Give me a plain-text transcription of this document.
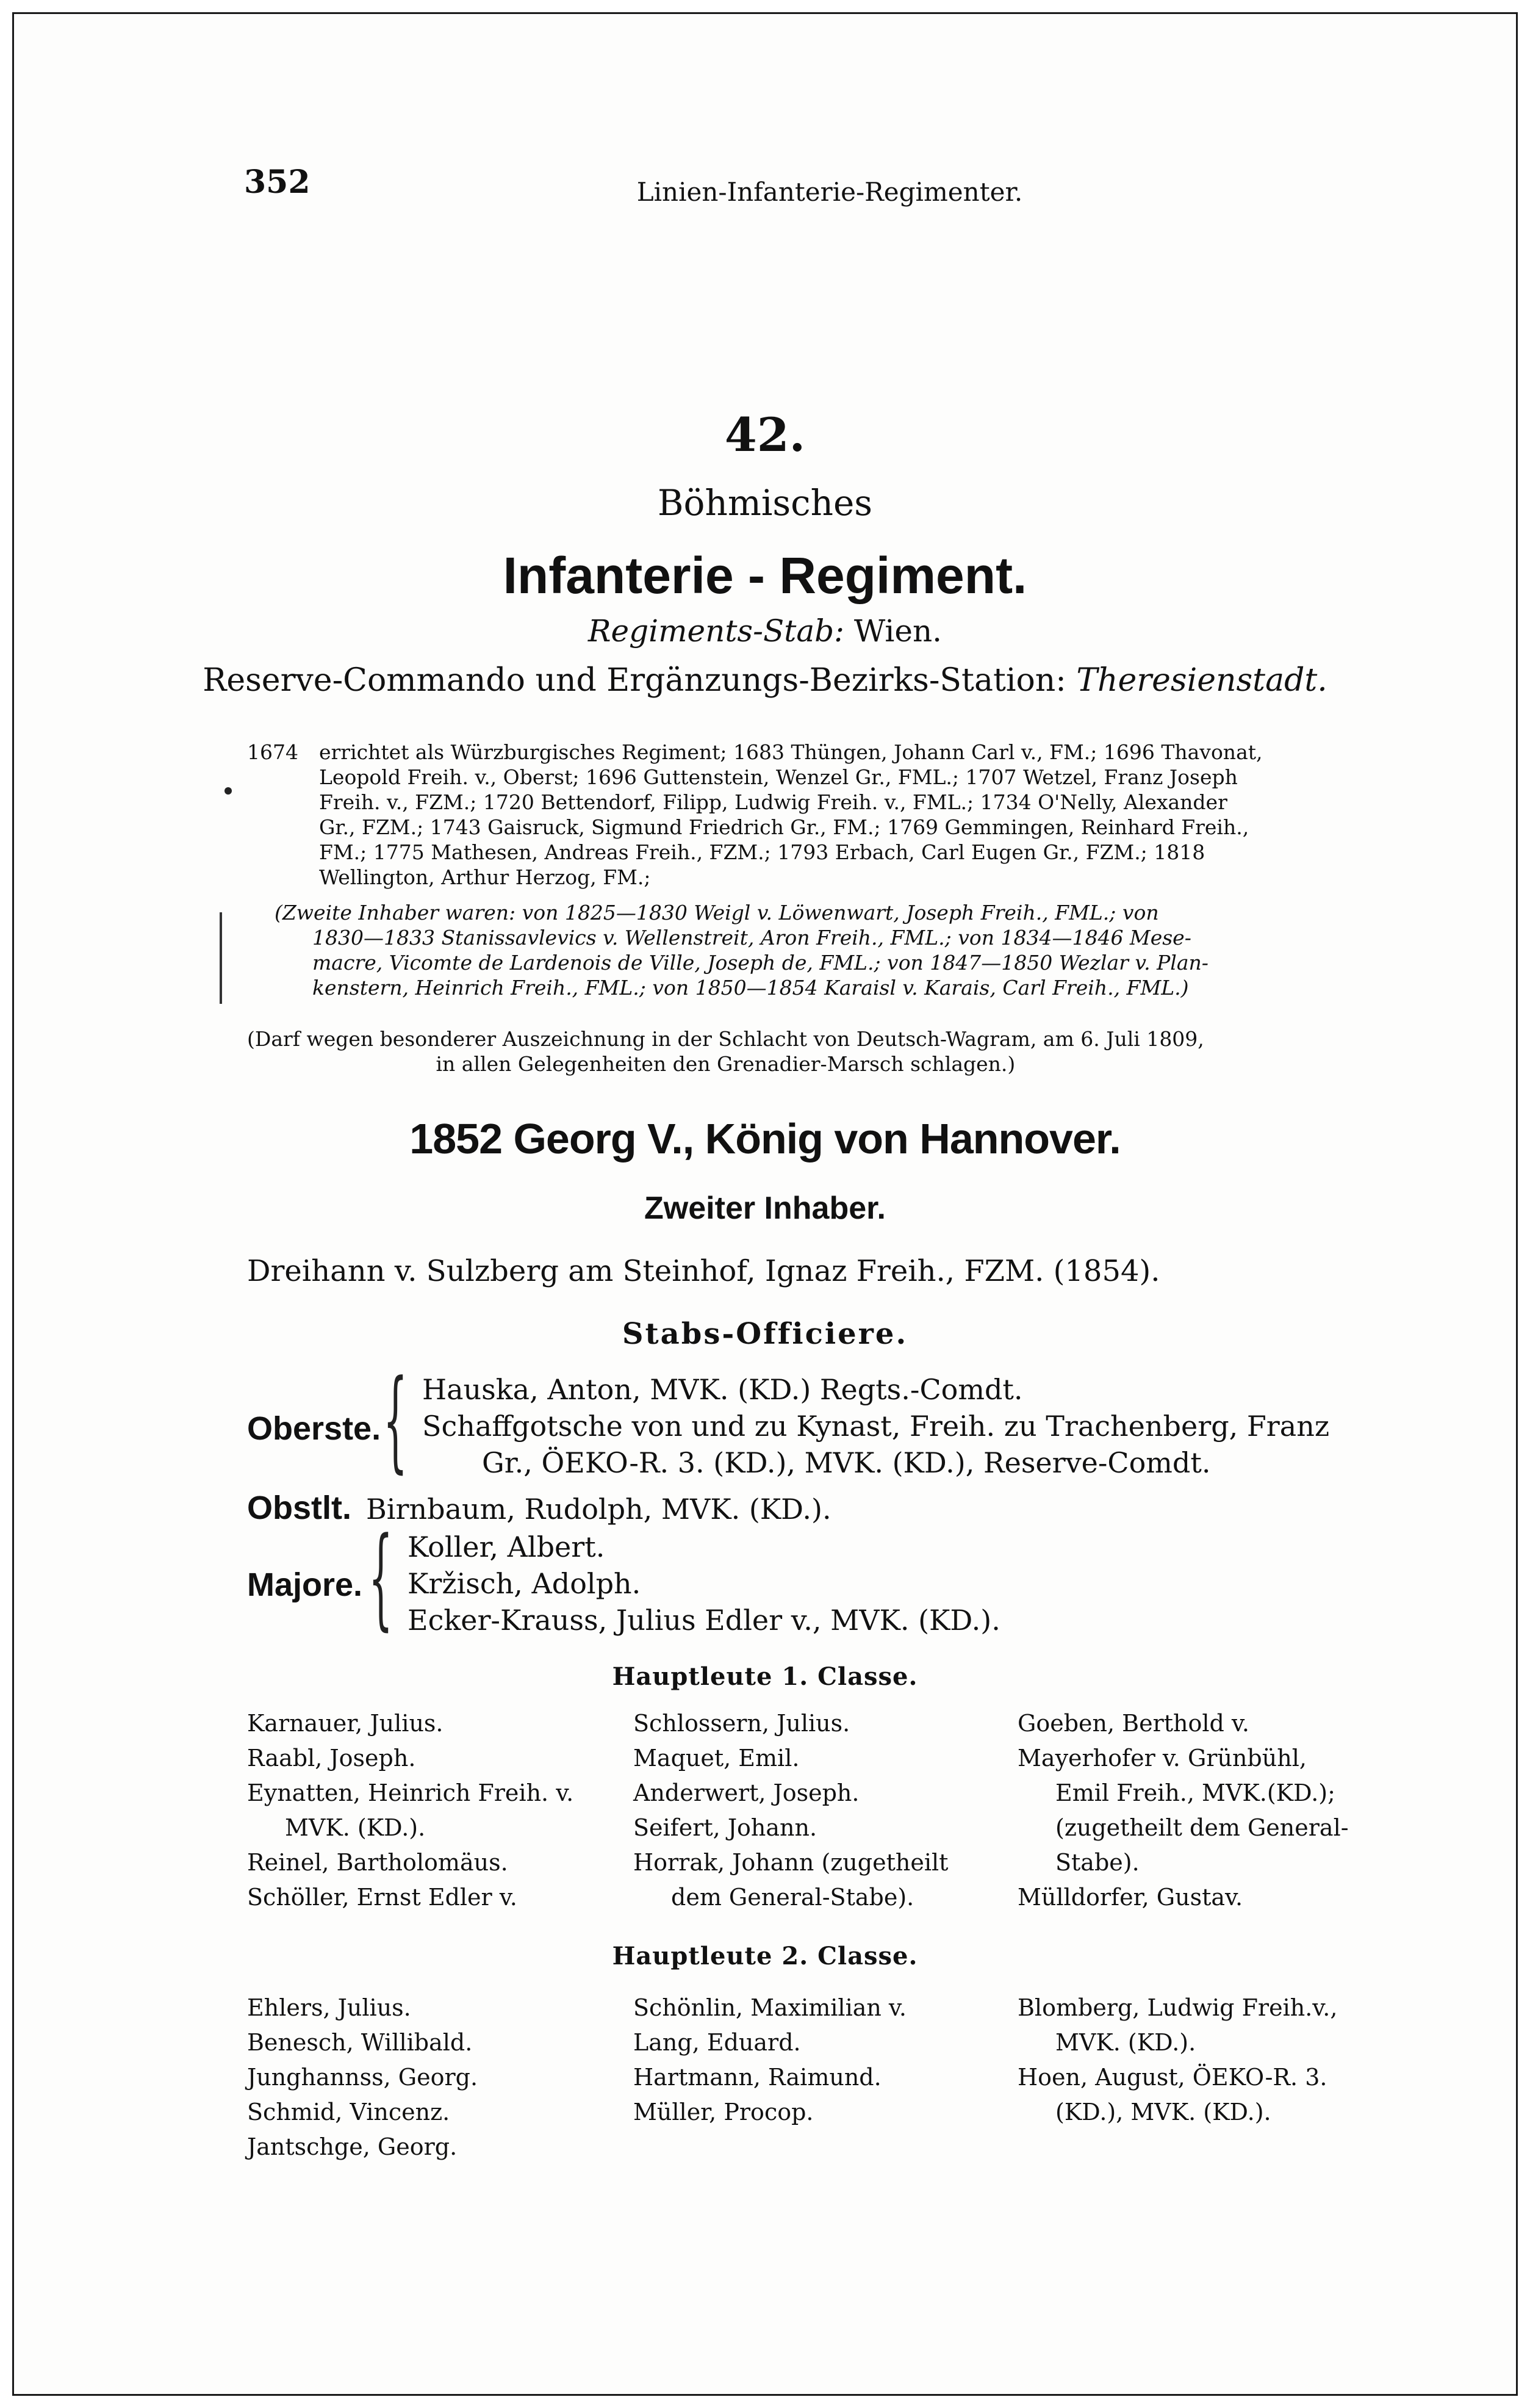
352	Linien-Infanterie-Regimenter.
42.
Böhmisches
Infanterie - Regiment.
Regiments-Stab: Wien.
Reserve-Commando und Ergänzungs-Bezirks-Station: Theresienstadt.
1674 errichtet als Würzburgisches Regiment; 1683 Thüngen, Johann Carl v., FM.; 1696 Thavonat,
Leopold Freih. v., Oberst; 1696 Guttenstein, Wenzel Gr., FML.; 1707 Wetzel, Franz Joseph
Freih. v., FZM.; 1720 Bettendorf, Filipp, Ludwig Freih. v., FML.; 1734 O'Nelly, Alexander
Gr., FZM.; 1743 Gaisruck, Sigmund Friedrich Gr., FM.; 1769 Gemmingen, Reinhard Freih.,
FM.; 1775 Mathesen, Andreas Freih., FZM.; 1793 Erbach, Carl Eugen Gr., FZM.; 1818
Wellington, Arthur Herzog, FM.;
(Zweite Inhaber waren: von 1825—1830 Weigl v. Löwenwart, Joseph Freih., FML.; von
1830—1833 Stanissavlevics v. Wellenstreit, Aron Freih., FML.; von 1834—1846 Mese-
macre, Vicomte de Lardenois de Ville, Joseph de, FML.; von 1847—1850 Wezlar v. Plan-
kenstern, Heinrich Freih., FML.; von 1850—1854 Karaisl v. Karais, Carl Freih., FML.)
(Darf wegen besonderer Auszeichnung in der Schlacht von Deutsch-Wagram, am 6. Juli 1809,
in allen Gelegenheiten den Grenadier-Marsch schlagen.)
1852 Georg V., König von Hannover.
Zweiter Inhaber.
Dreihann v. Sulzberg am Steinhof, Ignaz Freih., FZM. (1854).
Stabs-Officiere.
Oberste. { Hauska, Anton, MVK. (KD.) Regts.-Comdt.
Schaffgotsche von und zu Kynast, Freih. zu Trachenberg, Franz
Gr., ÖEKO-R. 3. (KD.), MVK. (KD.), Reserve-Comdt.
Obstlt. Birnbaum, Rudolph, MVK. (KD.).
Majore. { Koller, Albert.
Kržisch, Adolph.
Ecker-Krauss, Julius Edler v., MVK. (KD.).
Hauptleute 1. Classe.
Karnauer, Julius.
Raabl, Joseph.
Eynatten, Heinrich Freih. v.
MVK. (KD.).
Reinel, Bartholomäus.
Schöller, Ernst Edler v.
Schlossern, Julius.
Maquet, Emil.
Anderwert, Joseph.
Seifert, Johann.
Horrak, Johann (zugetheilt
dem General-Stabe).
Goeben, Berthold v.
Mayerhofer v. Grünbühl,
Emil Freih., MVK.(KD.);
(zugetheilt dem General-
Stabe).
Mülldorfer, Gustav.
Hauptleute 2. Classe.
Ehlers, Julius.
Benesch, Willibald.
Junghannss, Georg.
Schmid, Vincenz.
Jantschge, Georg.
Schönlin, Maximilian v.
Lang, Eduard.
Hartmann, Raimund.
Müller, Procop.
Blomberg, Ludwig Freih.v.,
MVK. (KD.).
Hoen, August, ÖEKO-R. 3.
(KD.), MVK. (KD.).
